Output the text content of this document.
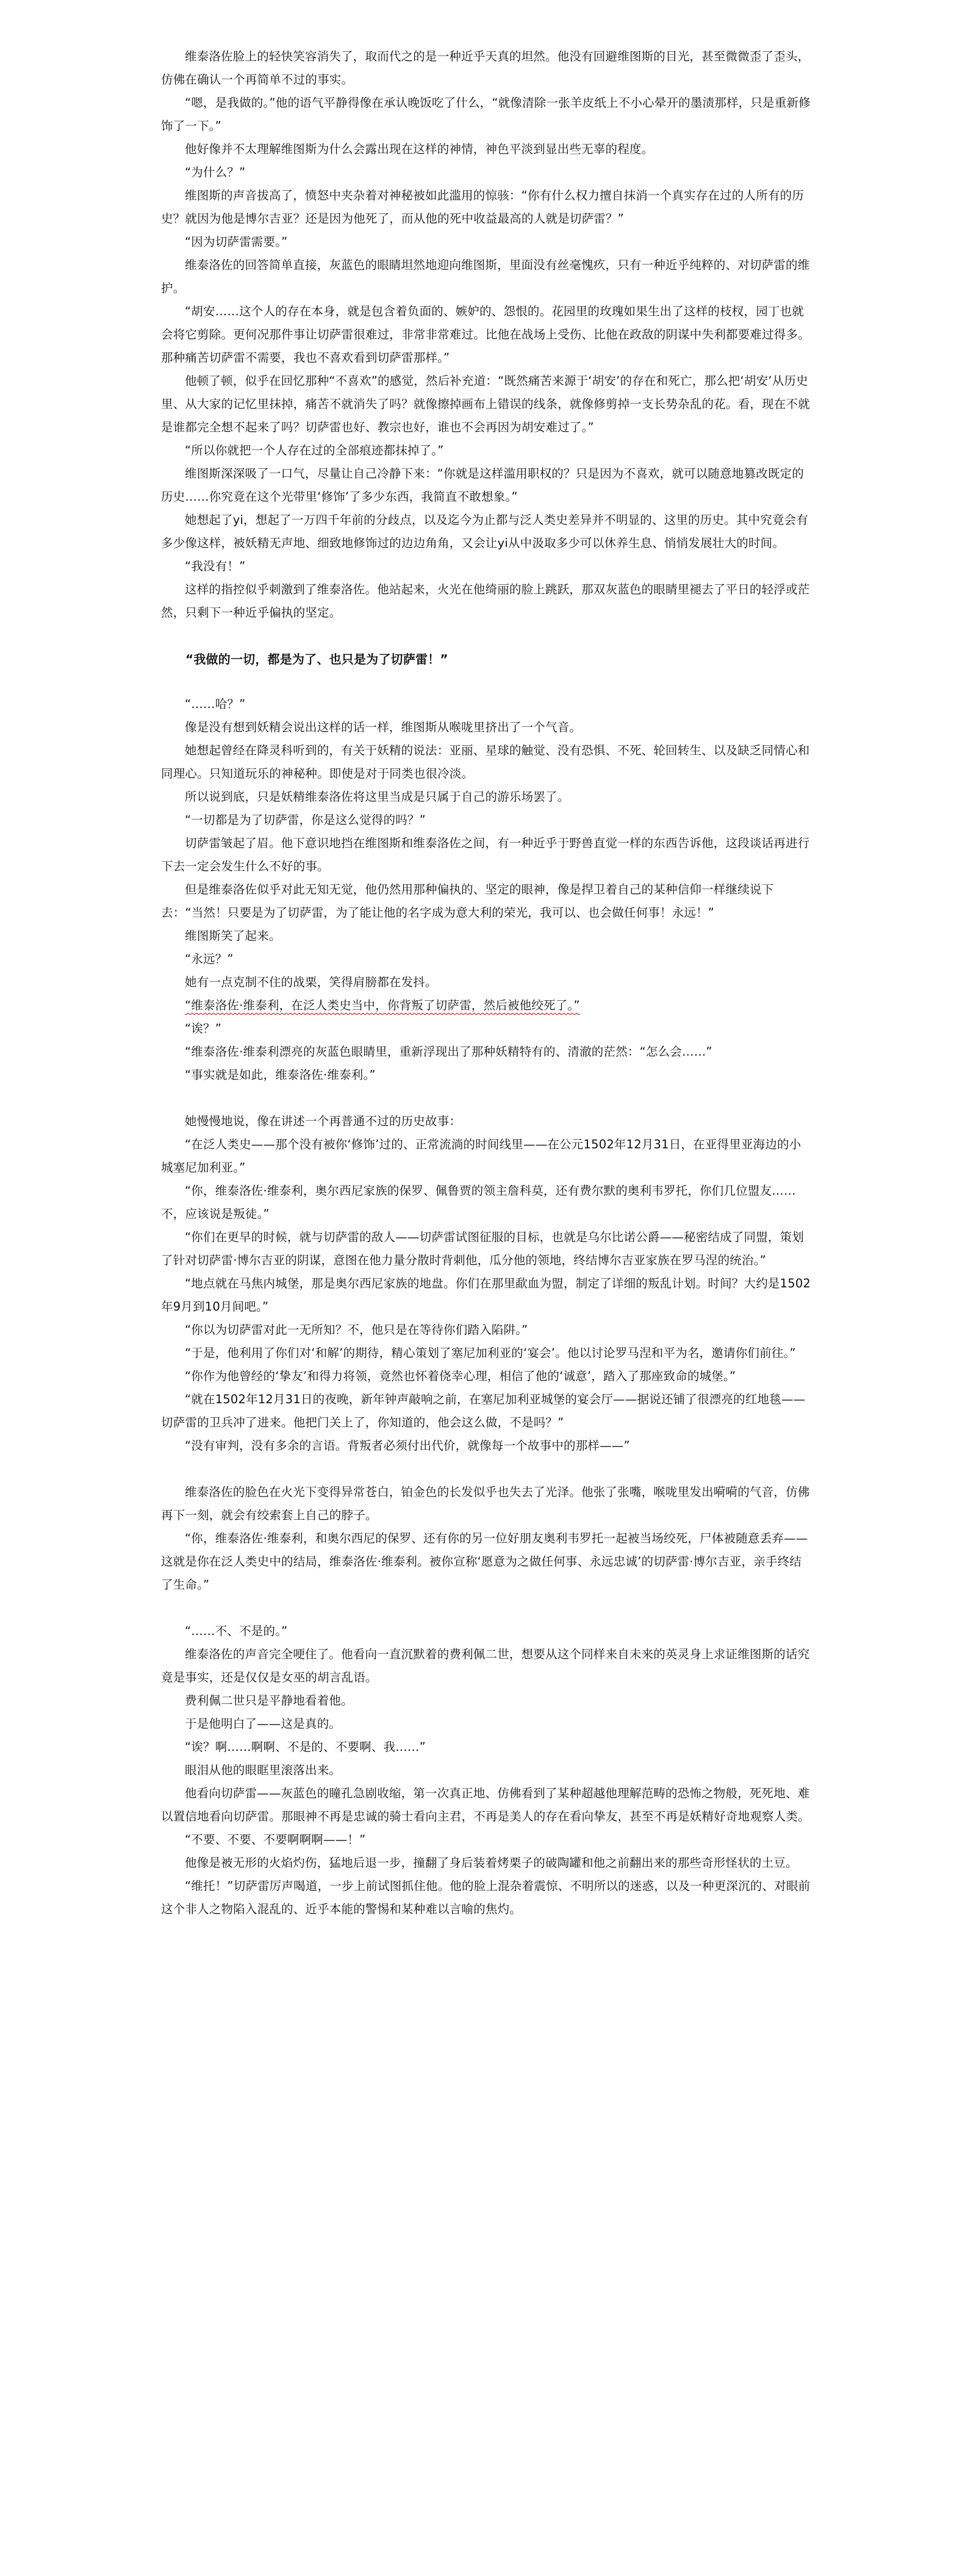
维泰洛佐脸上的轻快笑容消失了，取而代之的是一种近乎天真的坦然。他没有回避维图斯的目光，甚至微微歪了歪头，仿佛在确认一个再简单不过的事实。

“嗯，是我做的。”他的语气平静得像在承认晚饭吃了什么，“就像清除一张羊皮纸上不小心晕开的墨渍那样，只是重新修饰了一下。”

他好像并不太理解维图斯为什么会露出现在这样的神情，神色平淡到显出些无辜的程度。

“为什么？”

维图斯的声音拔高了，愤怒中夹杂着对神秘被如此滥用的惊骇：“你有什么权力擅自抹消一个真实存在过的人所有的历史？就因为他是博尔吉亚？还是因为他死了，而从他的死中收益最高的人就是切萨雷？”

“因为切萨雷需要。”

维泰洛佐的回答简单直接，灰蓝色的眼睛坦然地迎向维图斯，里面没有丝毫愧疚，只有一种近乎纯粹的、对切萨雷的维护。

“胡安……这个人的存在本身，就是包含着负面的、嫉妒的、怨恨的。花园里的玫瑰如果生出了这样的枝杈，园丁也就会将它剪除。更何况那件事让切萨雷很难过，非常非常难过。比他在战场上受伤、比他在政敌的阴谋中失利都要难过得多。那种痛苦切萨雷不需要，我也不喜欢看到切萨雷那样。”

他顿了顿，似乎在回忆那种“不喜欢”的感觉，然后补充道：“既然痛苦来源于‘胡安’的存在和死亡，那么把‘胡安’从历史里、从大家的记忆里抹掉，痛苦不就消失了吗？就像擦掉画布上错误的线条，就像修剪掉一支长势杂乱的花。看，现在不就是谁都完全想不起来了吗？切萨雷也好、教宗也好，谁也不会再因为胡安难过了。”

“所以你就把一个人存在过的全部痕迹都抹掉了。”

维图斯深深吸了一口气，尽量让自己冷静下来：“你就是这样滥用职权的？只是因为不喜欢，就可以随意地篡改既定的历史……你究竟在这个光带里‘修饰’了多少东西，我简直不敢想象。”

她想起了yi，想起了一万四千年前的分歧点，以及迄今为止都与泛人类史差异并不明显的、这里的历史。其中究竟会有多少像这样，被妖精无声地、细致地修饰过的边边角角，又会让yi从中汲取多少可以休养生息、悄悄发展壮大的时间。

“我没有！”

这样的指控似乎刺激到了维泰洛佐。他站起来，火光在他绮丽的脸上跳跃，那双灰蓝色的眼睛里褪去了平日的轻浮或茫然，只剩下一种近乎偏执的坚定。

“我做的一切，都是为了、也只是为了切萨雷！”

“……哈？”

像是没有想到妖精会说出这样的话一样，维图斯从喉咙里挤出了一个气音。

她想起曾经在降灵科听到的，有关于妖精的说法：亚丽、星球的触觉、没有恐惧、不死、轮回转生、以及缺乏同情心和同理心。只知道玩乐的神秘种。即使是对于同类也很冷淡。

所以说到底，只是妖精维泰洛佐将这里当成是只属于自己的游乐场罢了。

“一切都是为了切萨雷，你是这么觉得的吗？”

切萨雷皱起了眉。他下意识地挡在维图斯和维泰洛佐之间，有一种近乎于野兽直觉一样的东西告诉他，这段谈话再进行下去一定会发生什么不好的事。

但是维泰洛佐似乎对此无知无觉，他仍然用那种偏执的、坚定的眼神，像是捍卫着自己的某种信仰一样继续说下去：“当然！只要是为了切萨雷，为了能让他的名字成为意大利的荣光，我可以、也会做任何事！永远！”

维图斯笑了起来。

“永远？”

她有一点克制不住的战栗，笑得肩膀都在发抖。

“维泰洛佐·维泰利，在泛人类史当中，你背叛了切萨雷，然后被他绞死了。”

“诶？”

“维泰洛佐·维泰利漂亮的灰蓝色眼睛里，重新浮现出了那种妖精特有的、清澈的茫然：“怎么会……”

“事实就是如此，维泰洛佐·维泰利。”

她慢慢地说，像在讲述一个再普通不过的历史故事：

“在泛人类史——那个没有被你‘修饰’过的、正常流淌的时间线里——在公元1502年12月31日，在亚得里亚海边的小城塞尼加利亚。”

“你，维泰洛佐·维泰利，奥尔西尼家族的保罗、佩鲁贾的领主詹科莫，还有费尔默的奥利韦罗托，你们几位盟友……不，应该说是叛徒。”

“你们在更早的时候，就与切萨雷的敌人——切萨雷试图征服的目标，也就是乌尔比诺公爵——秘密结成了同盟，策划了针对切萨雷·博尔吉亚的阴谋，意图在他力量分散时背刺他，瓜分他的领地，终结博尔吉亚家族在罗马涅的统治。”

“地点就在马焦内城堡，那是奥尔西尼家族的地盘。你们在那里歃血为盟，制定了详细的叛乱计划。时间？大约是1502年9月到10月间吧。”

“你以为切萨雷对此一无所知？不，他只是在等待你们踏入陷阱。”

“于是，他利用了你们对‘和解’的期待，精心策划了塞尼加利亚的‘宴会’。他以讨论罗马涅和平为名，邀请你们前往。”

“你作为他曾经的‘挚友’和得力将领，竟然也怀着侥幸心理，相信了他的‘诚意’，踏入了那座致命的城堡。”

“就在1502年12月31日的夜晚，新年钟声敲响之前，在塞尼加利亚城堡的宴会厅——据说还铺了很漂亮的红地毯——切萨雷的卫兵冲了进来。他把门关上了，你知道的，他会这么做，不是吗？”

“没有审判，没有多余的言语。背叛者必须付出代价，就像每一个故事中的那样——”

维泰洛佐的脸色在火光下变得异常苍白，铂金色的长发似乎也失去了光泽。他张了张嘴，喉咙里发出嗬嗬的气音，仿佛再下一刻，就会有绞索套上自己的脖子。

“你，维泰洛佐·维泰利，和奥尔西尼的保罗、还有你的另一位好朋友奥利韦罗托一起被当场绞死，尸体被随意丢弃——这就是你在泛人类史中的结局，维泰洛佐·维泰利。被你宣称‘愿意为之做任何事、永远忠诚’的切萨雷·博尔吉亚，亲手终结了生命。”

“……不、不是的。”

维泰洛佐的声音完全哽住了。他看向一直沉默着的费利佩二世，想要从这个同样来自未来的英灵身上求证维图斯的话究竟是事实，还是仅仅是女巫的胡言乱语。

费利佩二世只是平静地看着他。

于是他明白了——这是真的。

“诶？啊……啊啊、不是的、不要啊、我……”

眼泪从他的眼眶里滚落出来。

他看向切萨雷——灰蓝色的瞳孔急剧收缩，第一次真正地、仿佛看到了某种超越他理解范畴的恐怖之物般，死死地、难以置信地看向切萨雷。那眼神不再是忠诚的骑士看向主君，不再是美人的存在看向挚友，甚至不再是妖精好奇地观察人类。

“不要、不要、不要啊啊啊——！”

他像是被无形的火焰灼伤，猛地后退一步，撞翻了身后装着烤栗子的破陶罐和他之前翻出来的那些奇形怪状的土豆。

“维托！”切萨雷厉声喝道，一步上前试图抓住他。他的脸上混杂着震惊、不明所以的迷惑，以及一种更深沉的、对眼前这个非人之物陷入混乱的、近乎本能的警惕和某种难以言喻的焦灼。
